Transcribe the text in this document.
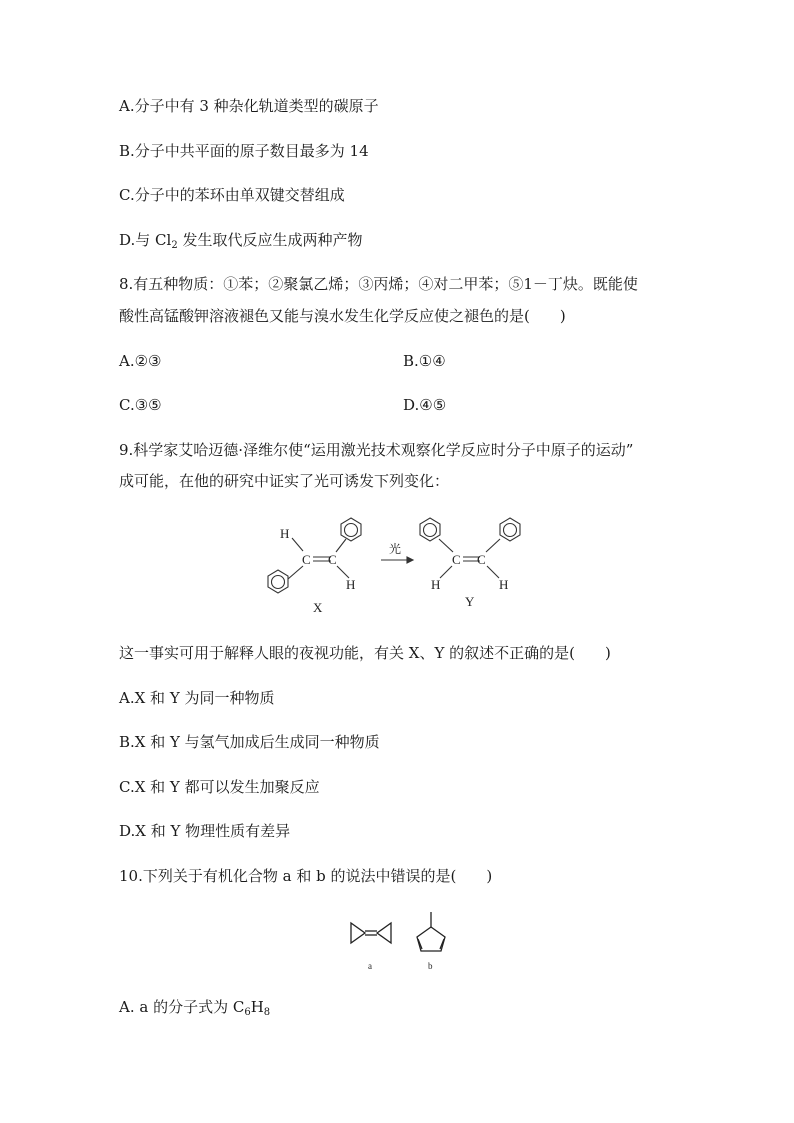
A.分子中有 3 种杂化轨道类型的碳原子
B.分子中共平面的原子数目最多为 14
C.分子中的苯环由单双键交替组成
D.与 $Cl_2$ 发生取代反应生成两种产物
8.有五种物质：①苯；②聚氯乙烯；③丙烯；④对二甲苯；⑤1－丁炔。既能使
酸性高锰酸钾溶液褪色又能与溴水发生化学反应使之褪色的是(　　)
A.②③	B.①④
C.③⑤	D.④⑤
9.科学家艾哈迈德·泽维尔使“运用激光技术观察化学反应时分子中原子的运动”
成可能，在他的研究中证实了光可诱发下列变化：
H
C C
H
光
C C
H	H
X	Y
a	b
这一事实可用于解释人眼的夜视功能，有关 X、Y 的叙述不正确的是(　　)
A.X 和 Y 为同一种物质
B.X 和 Y 与氢气加成后生成同一种物质
C.X 和 Y 都可以发生加聚反应
D.X 和 Y 物理性质有差异
10.下列关于有机化合物 a 和 b 的说法中错误的是(　　)
A. a 的分子式为 $C_6H_8$
